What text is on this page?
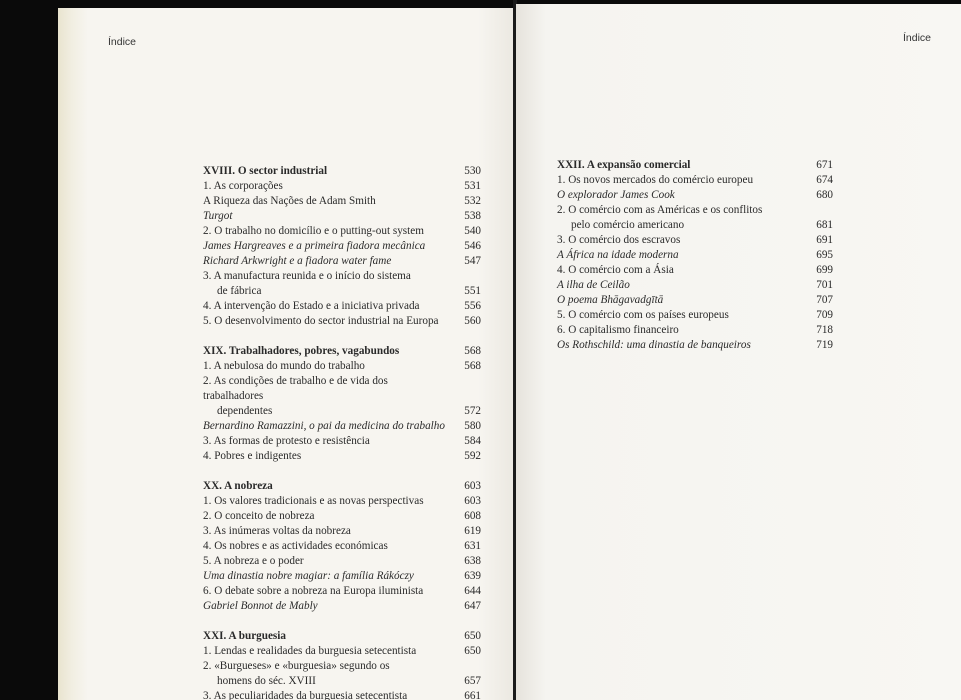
Índice
XVIII. O sector industrial	530
1. As corporações	531
A Riqueza das Nações de Adam Smith	532
Turgot	538
2. O trabalho no domicílio e o putting-out system	540
James Hargreaves e a primeira fiadora mecânica	546
Richard Arkwright e a fiadora water fame	547
3. A manufactura reunida e o início do sistema
de fábrica	551
4. A intervenção do Estado e a iniciativa privada	556
5. O desenvolvimento do sector industrial na Europa	560
XIX. Trabalhadores, pobres, vagabundos	568
1. A nebulosa do mundo do trabalho	568
2. As condições de trabalho e de vida dos trabalhadores
dependentes	572
Bernardino Ramazzini, o pai da medicina do trabalho	580
3. As formas de protesto e resistência	584
4. Pobres e indigentes	592
XX. A nobreza	603
1. Os valores tradicionais e as novas perspectivas	603
2. O conceito de nobreza	608
3. As inúmeras voltas da nobreza	619
4. Os nobres e as actividades económicas	631
5. A nobreza e o poder	638
Uma dinastia nobre magiar: a família Rákóczy	639
6. O debate sobre a nobreza na Europa iluminista	644
Gabriel Bonnot de Mably	647
XXI. A burguesia	650
1. Lendas e realidades da burguesia setecentista	650
2. «Burgueses» e «burguesia» segundo os
homens do séc. XVIII	657
3. As peculiaridades da burguesia setecentista	661
Índice
XXII. A expansão comercial	671
1. Os novos mercados do comércio europeu	674
O explorador James Cook	680
2. O comércio com as Américas e os conflitos
pelo comércio americano	681
3. O comércio dos escravos	691
A África na idade moderna	695
4. O comércio com a Ásia	699
A ilha de Ceilão	701
O poema Bhāgavadgītā	707
5. O comércio com os países europeus	709
6. O capitalismo financeiro	718
Os Rothschild: uma dinastia de banqueiros	719
